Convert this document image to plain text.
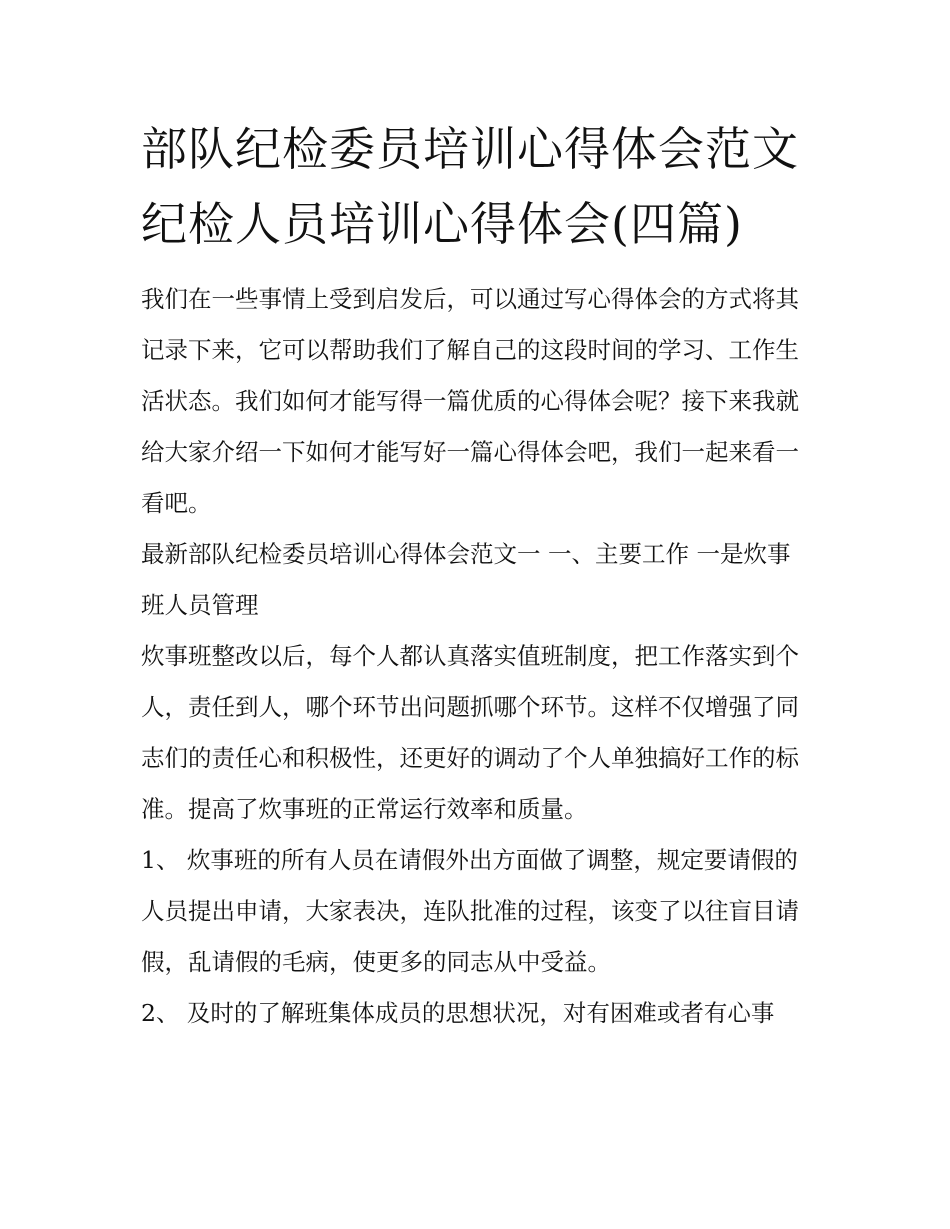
部队纪检委员培训心得体会范文 纪检人员培训心得体会(四篇)

我们在一些事情上受到启发后，可以通过写心得体会的方式将其记录下来，它可以帮助我们了解自己的这段时间的学习、工作生活状态。我们如何才能写得一篇优质的心得体会呢？接下来我就给大家介绍一下如何才能写好一篇心得体会吧，我们一起来看一看吧。

最新部队纪检委员培训心得体会范文一 一、主要工作 一是炊事班人员管理

炊事班整改以后，每个人都认真落实值班制度，把工作落实到个人，责任到人，哪个环节出问题抓哪个环节。这样不仅增强了同志们的责任心和积极性，还更好的调动了个人单独搞好工作的标准。提高了炊事班的正常运行效率和质量。

1、 炊事班的所有人员在请假外出方面做了调整，规定要请假的人员提出申请，大家表决，连队批准的过程，该变了以往盲目请假，乱请假的毛病，使更多的同志从中受益。

2、 及时的了解班集体成员的思想状况，对有困难或者有心事
